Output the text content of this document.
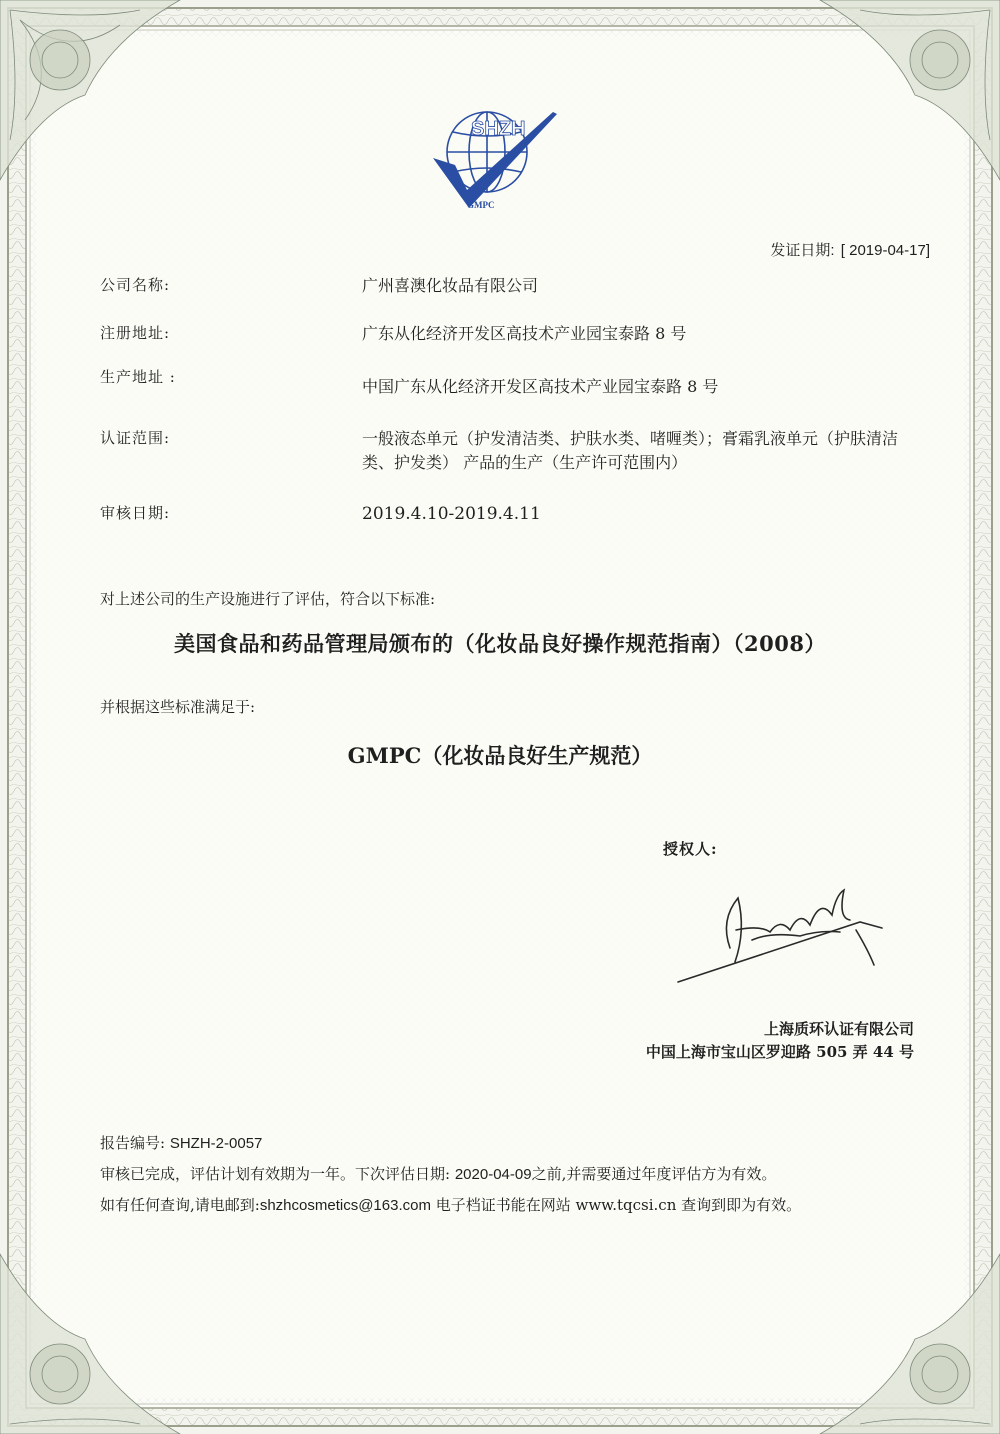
SHZH
GMPC
发证日期: [ 2019-04-17]
公司名称:	广州喜澳化妆品有限公司
注册地址:	广东从化经济开发区高技术产业园宝泰路 8 号
生产地址 :	中国广东从化经济开发区高技术产业园宝泰路 8 号
认证范围:	一般液态单元（护发清洁类、护肤水类、啫喱类）；膏霜乳液单元（护肤清洁类、护发类） 产品的生产（生产许可范围内）
审核日期:	2019.4.10-2019.4.11
对上述公司的生产设施进行了评估，符合以下标准:
美国食品和药品管理局颁布的（化妆品良好操作规范指南）（2008）
并根据这些标准满足于:
GMPC（化妆品良好生产规范）
授权人:
上海质环认证有限公司
中国上海市宝山区罗迎路 505 弄 44 号
报告编号: SHZH-2-0057
审核已完成，评估计划有效期为一年。下次评估日期: 2020-04-09之前,并需要通过年度评估方为有效。
如有任何查询,请电邮到:shzhcosmetics@163.com 电子档证书能在网站 www.tqcsi.cn 查询到即为有效。
